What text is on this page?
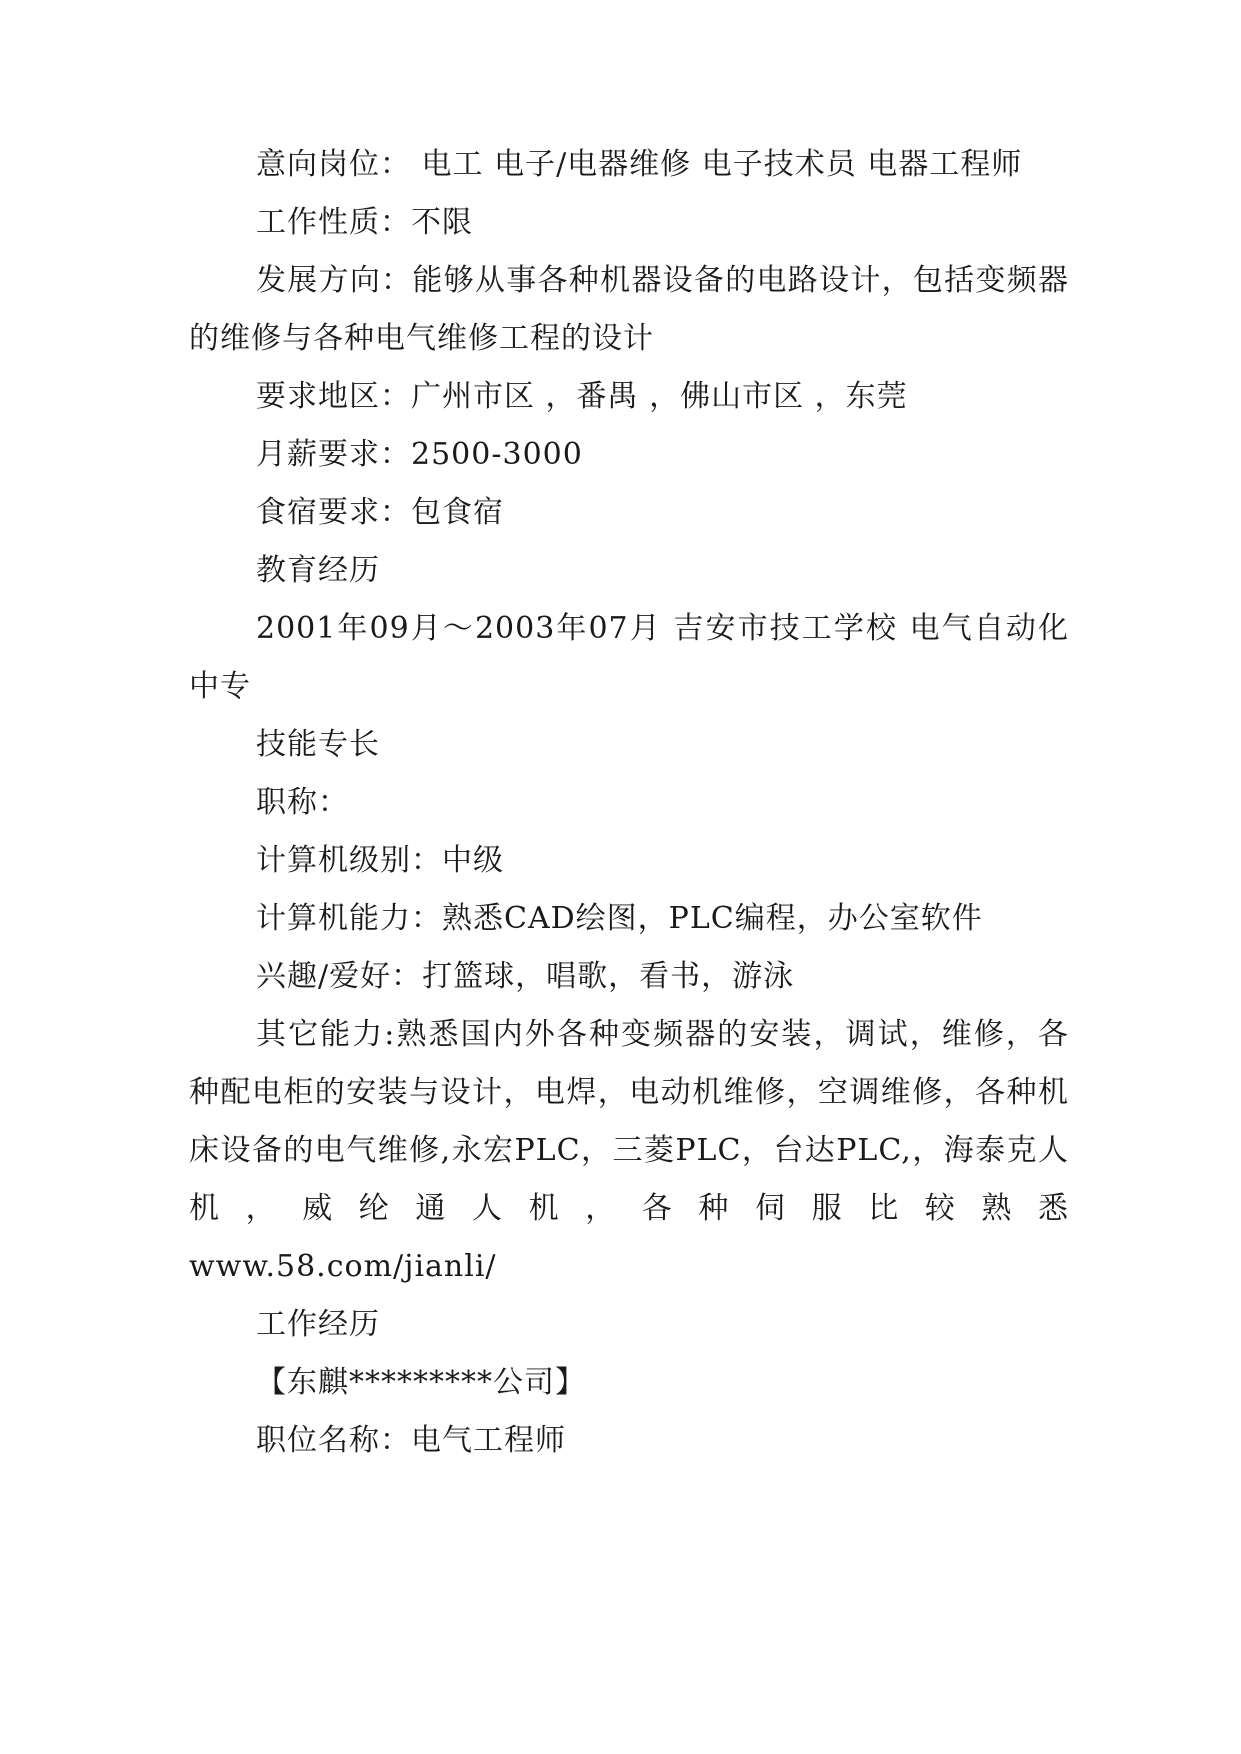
意向岗位： 电工 电子/电器维修 电子技术员 电器工程师

工作性质：不限

发展方向：能够从事各种机器设备的电路设计，包括变频器的维修与各种电气维修工程的设计

要求地区：广州市区 ，番禺 ，佛山市区 ，东莞

月薪要求：2500-3000

食宿要求：包食宿

教育经历

2001年09月～2003年07月 吉安市技工学校 电气自动化 中专

技能专长

职称：

计算机级别：中级

计算机能力：熟悉CAD绘图，PLC编程，办公室软件

兴趣/爱好：打篮球，唱歌，看书，游泳

其它能力:熟悉国内外各种变频器的安装，调试，维修，各种配电柜的安装与设计，电焊，电动机维修，空调维修，各种机床设备的电气维修,永宏PLC，三菱PLC，台达PLC,，海泰克人机，威纶通人机，各种伺服比较熟悉

www.58.com/jianli/

工作经历

【东麒*********公司】

职位名称：电气工程师
